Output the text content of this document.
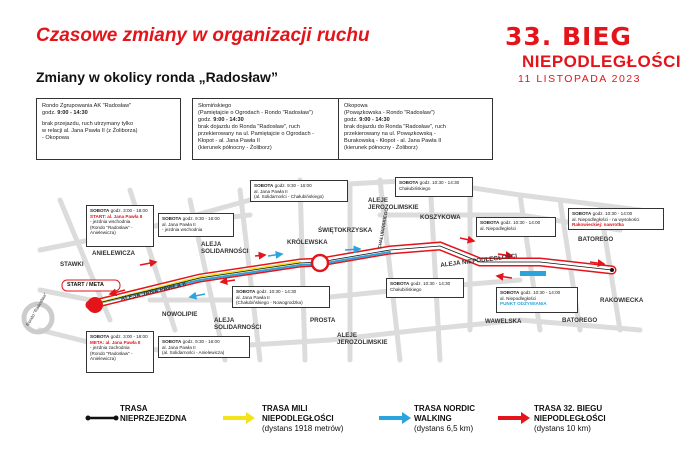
Czasowe zmiany w organizacji ruchu
Zmiany w okolicy ronda „Radosław”
33. BIEG
NIEPODLEGŁOŚCI
11 LISTOPADA 2023
Rondo Zgrupowania AK "Radosław"
godz. 9:00 - 14:30
brak przejazdu, ruch utrzymany tylko
w relacji al. Jana Pawła II (z Żoliborza)
- Okopowa
Słomińskiego
(Pamiętajcie o Ogrodach - Rondo "Radosław")
godz. 9:00 - 14:30
brak dojazdu do Ronda "Radosław", ruch
przekierowany na ul. Pamiętajcie o Ogrodach -
Kłopot - al. Jana Pawła II
(kierunek północny - Żoliborz)
Okopowa
(Powązkowska - Rondo "Radosław")
godz. 9:00 - 14:30
brak dojazdu do Ronda "Radosław", ruch
przekierowany na ul. Powązkowską -
Burakowską - Kłopot - al. Jana Pawła II
(kierunek północny - Żoliborz)
SOBOTA godz. 3:00 - 18:00
START: al. Jana Pawła II
- jezdnia wschodnia
(Rondo "Radosław" - Anielewicza)
SOBOTA godz. 9:30 - 16:00
al. Jana Pawła II
- jezdnia wschodnia
SOBOTA godz. 9:30 - 16:00
al. Jana Pawła II
(al. Solidarności - Chałubińskiego)
SOBOTA godz. 10:30 - 14:30
Chałubińskiego
SOBOTA godz. 10:30 - 14:00
al. Niepodległości
SOBOTA godz. 10:30 - 14:00
al. Niepodległości - na wysokości
Rakowieckiej: nawrotka
SOBOTA godz. 10:30 - 14:30
al. Jana Pawła II
(Chałubińskiego - Nowogrodzka)
SOBOTA godz. 10:30 - 14:30
Chałubińskiego
SOBOTA godz. 10:30 - 14:00
al. Niepodległości
PUNKT ODŻYWIANIA
SOBOTA godz. 3:00 - 18:00
META: al. Jana Pawła II
- jezdnia zachodnia
(Rondo "Radosław" - Anielewicza)
SOBOTA godz. 9:30 - 16:00
al. Jana Pawła II
(al. Solidarności - Anielewicza)
STAWKI
ANIELEWICZA
ALEJA
SOLIDARNOŚCI
KRÓLEWSKA
ŚWIĘTOKRZYSKA
ALEJE
JEROZOLIMSKIE
KOSZYKOWA
BATOREGO
START / META	ALEJA JANA PAWŁA II
NOWOLIPIE
ALEJA
SOLIDARNOŚCI
PROSTA
ALEJE
JEROZOLIMSKIE
ALEJA NIEPODLEGŁOŚCI
WAWELSKA
RAKOWIECKA
BATOREGO
CHAŁUBIŃSKIEGO
Rondo "Radosław"
TRASA
NIEPRZEJEZDNA
TRASA MILI
NIEPODLEGŁOŚCI
(dystans 1918 metrów)
TRASA NORDIC
WALKING
(dystans 6,5 km)
TRASA 32. BIEGU
NIEPODLEGŁOŚCI
(dystans 10 km)
